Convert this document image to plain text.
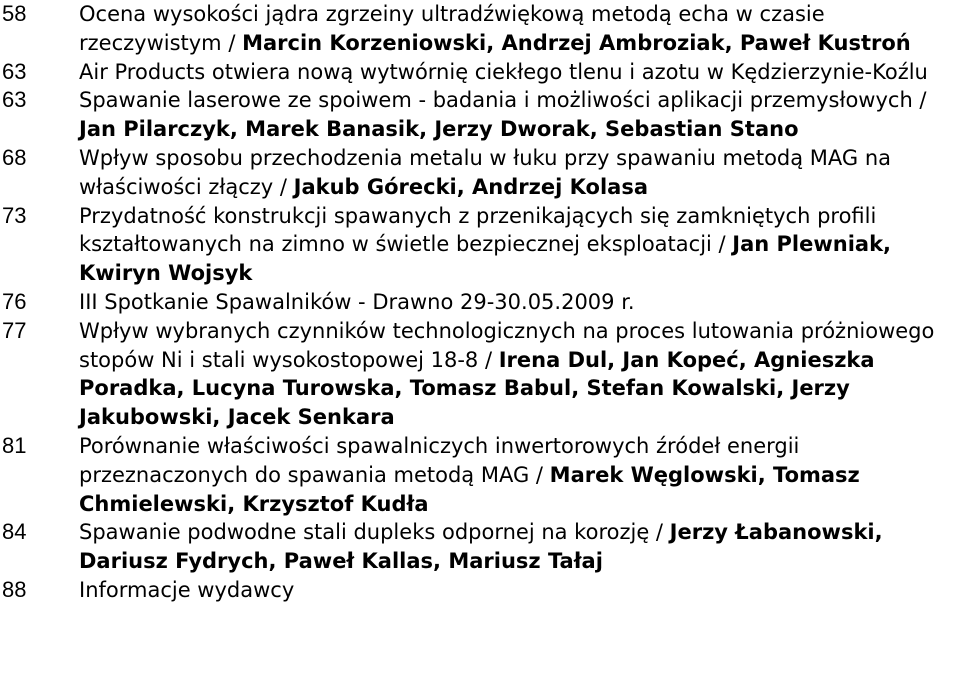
58	Ocena wysokości jądra zgrzeiny ultradźwiękową metodą echa w czasie rzeczywistym / Marcin Korzeniowski, Andrzej Ambroziak, Paweł Kustroń
63	Air Products otwiera nową wytwórnię ciekłego tlenu i azotu w Kędzierzynie-Koźlu
63	Spawanie laserowe ze spoiwem - badania i możliwości aplikacji przemysłowych / Jan Pilarczyk, Marek Banasik, Jerzy Dworak, Sebastian Stano
68	Wpływ sposobu przechodzenia metalu w łuku przy spawaniu metodą MAG na właściwości złączy / Jakub Górecki, Andrzej Kolasa
73	Przydatność konstrukcji spawanych z przenikających się zamkniętych profili kształtowanych na zimno w świetle bezpiecznej eksploatacji / Jan Plewniak, Kwiryn Wojsyk
76	III Spotkanie Spawalników - Drawno 29-30.05.2009 r.
77	Wpływ wybranych czynników technologicznych na proces lutowania próżniowego stopów Ni i stali wysokostopowej 18-8 / Irena Dul, Jan Kopeć, Agnieszka Poradka, Lucyna Turowska, Tomasz Babul, Stefan Kowalski, Jerzy Jakubowski, Jacek Senkara
81	Porównanie właściwości spawalniczych inwertorowych źródeł energii przeznaczonych do spawania metodą MAG / Marek Węglowski, Tomasz Chmielewski, Krzysztof Kudła
84	Spawanie podwodne stali dupleks odpornej na korozję / Jerzy Łabanowski, Dariusz Fydrych, Paweł Kallas, Mariusz Tałaj
88	Informacje wydawcy
